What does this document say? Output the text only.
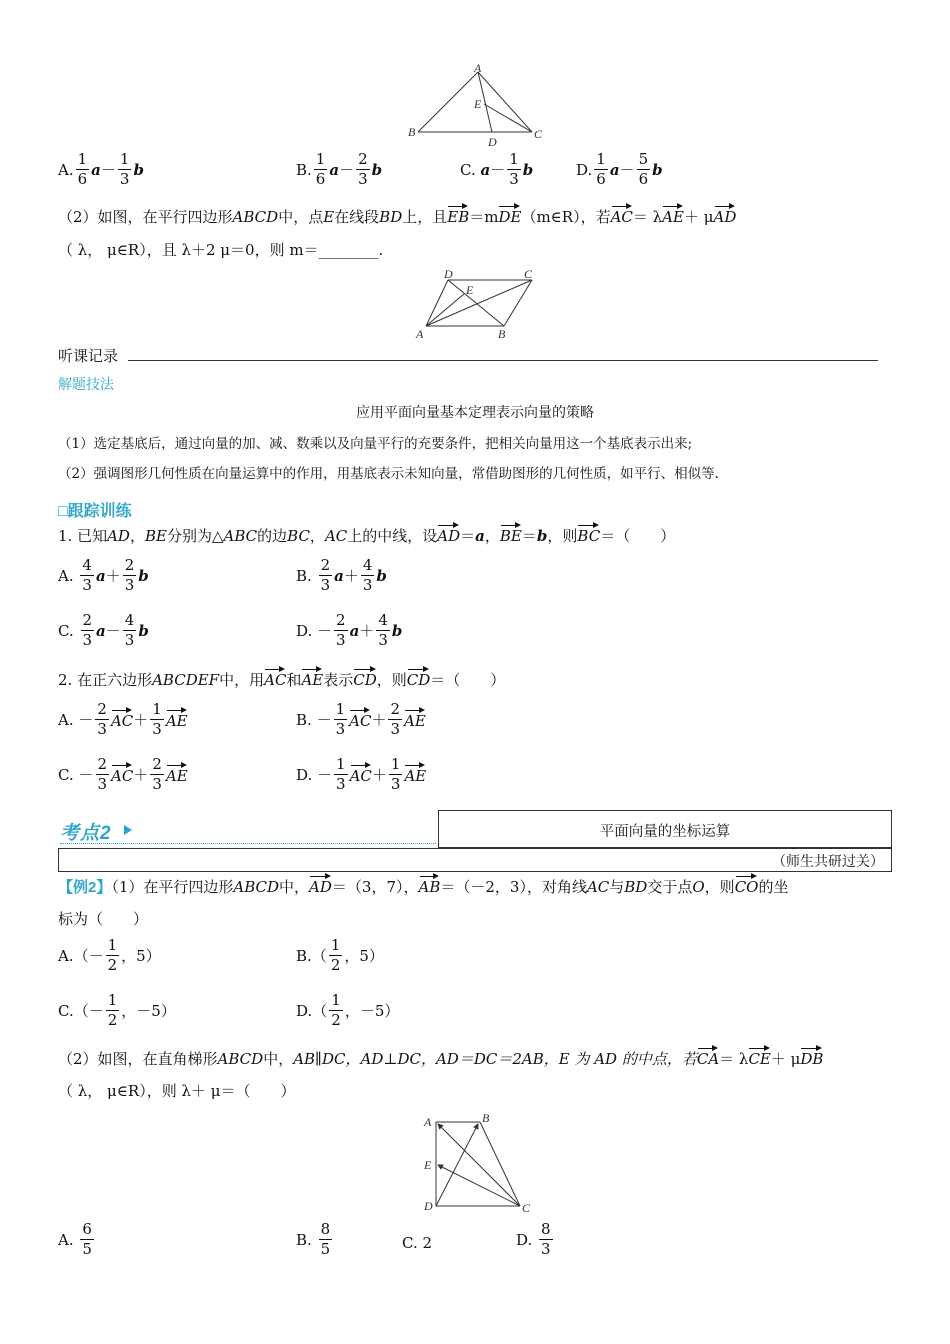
A
E
B
D
C
A. $\frac{1}{6}$ $a - \frac{1}{3}$ b	B. $\frac{1}{6}$ $a - \frac{2}{3}$ b	C.
$a - \frac{1}{3}$ b	D. $\frac{1}{6}$ $a - \frac{5}{6}$ b
（2）如图，在平行四边形ABCD中，点E在线段BD上，且EB＝mDE（m∈R），若AC＝ λAE＋ μAD
（ λ， μ∈R），且 λ＋2 μ＝0，则 m＝________.
D	C
E
A	B
听课记录
解题技法
应用平面向量基本定理表示向量的策略
（1）选定基底后，通过向量的加、减、数乘以及向量平行的充要条件，把相关向量用这一个基底表示出来;
（2）强调图形几何性质在向量运算中的作用，用基底表示未知向量，常借助图形的几何性质，如平行、相似等.
□跟踪训练
1. 已知AD，BE分别为△ABC的边BC，AC上的中线，设AD＝a，BE＝b，则BC＝（　　）
A.
$\frac{4}{3}$ $a + \frac{2}{3}$ b	B.
$\frac{2}{3}$ $a + \frac{4}{3}$ b
C.
$\frac{2}{3}$ $a - \frac{4}{3}$ b	D. － $\frac{2}{3}$ $a + \frac{4}{3}$ b
2. 在正六边形ABCDEF中，用AC和AE表示CD，则CD＝（　　）
A. － $\frac{2}{3}$ AC ＋ $\frac{1}{3}$ AE	B. － $\frac{1}{3}$ AC ＋ $\frac{2}{3}$ AE
C. － $\frac{2}{3}$ AC ＋ $\frac{2}{3}$ AE	D. － $\frac{1}{3}$ AC ＋ $\frac{1}{3}$ AE
考点2	平面向量的坐标运算
（师生共研过关）
【例2】（1）在平行四边形ABCD中，AD＝（3，7），AB＝（－2，3），对角线AC与BD交于点O，则CO的坐
标为（　　）
A. （－ $\frac{1}{2}$ ，5）	B. （ $\frac{1}{2}$ ，5）
C. （－ $\frac{1}{2}$ ，－5）	D. （ $\frac{1}{2}$ ，－5）
（2）如图，在直角梯形ABCD中，AB∥DC，AD⊥DC，AD＝DC＝2AB，E 为 AD 的中点，若CA＝ λCE＋ μDB
（ λ， μ∈R），则 λ＋ μ＝（　　）
A	B
E
D	C
A.
$\frac{6}{5}$	B.
$\frac{8}{5}$	C.
2	D.
$\frac{8}{3}$
